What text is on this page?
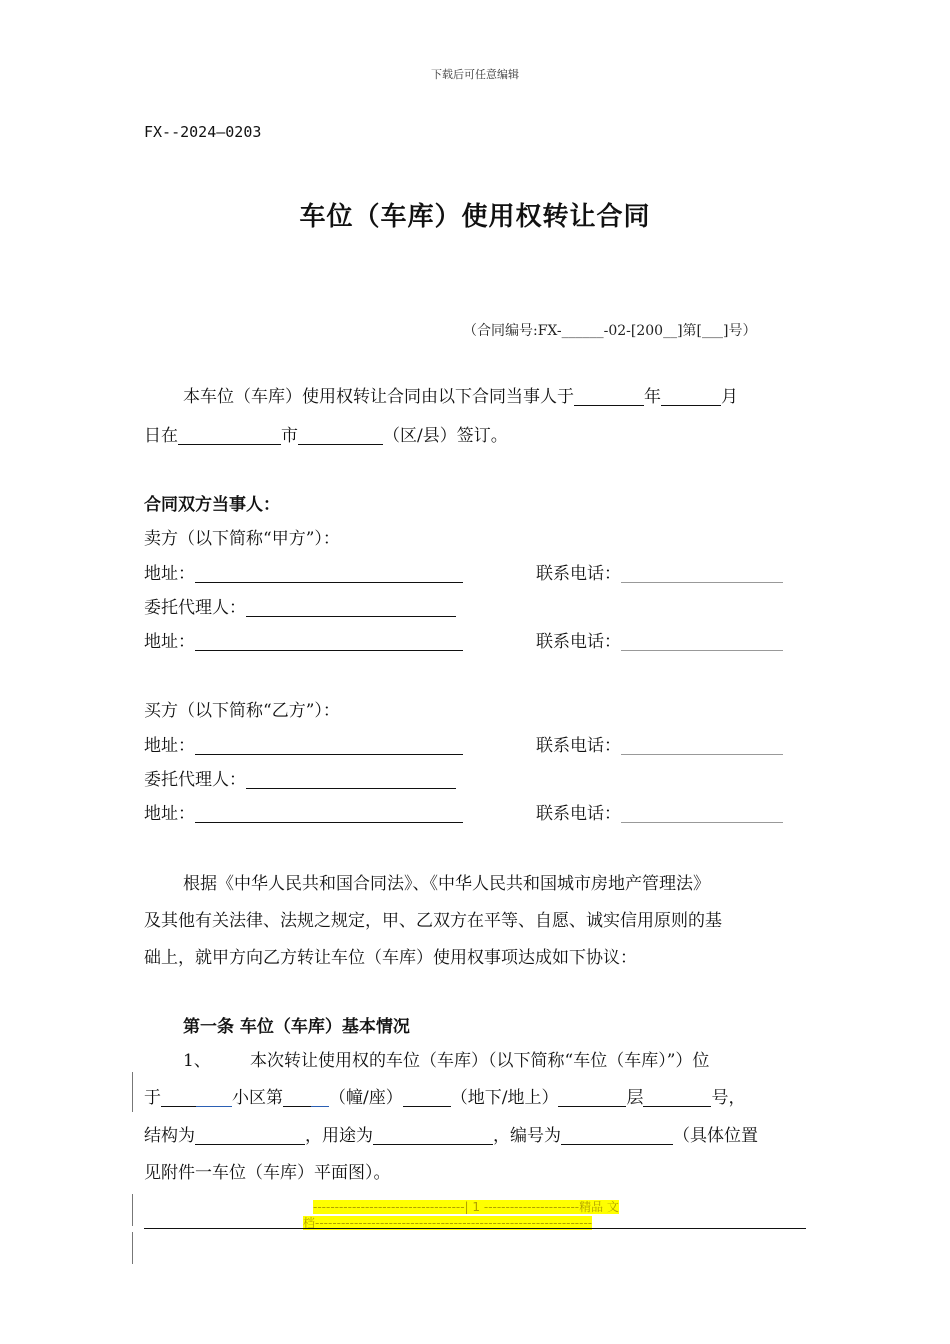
下载后可任意编辑
FX--2024—0203
车位（车库）使用权转让合同
（合同编号:FX-______-02-[200__]第[___]号）
本车位（车库）使用权转让合同由以下合同当事人于	年	月
日在	市	（区/县）签订。
合同双方当事人：
卖方（以下简称“甲方”）：
地址：	联系电话：
委托代理人：
地址：	联系电话：
买方（以下简称“乙方”）：
地址：	联系电话：
委托代理人：
地址：	联系电话：
根据《中华人民共和国合同法》、《中华人民共和国城市房地产管理法》
及其他有关法律、法规之规定，甲、乙双方在平等、自愿、诚实信用原则的基
础上，就甲方向乙方转让车位（车库）使用权事项达成如下协议：
第一条 车位（车库）基本情况
1、 本次转让使用权的车位（车库）（以下简称“车位（车库）”）位
于	小区第	（幢/座）	（地下/地上）	层	号，
结构为	，用途为	，编号为	（具体位置
见附件一车位（车库）平面图）。
-----------------------------------| 1 ----------------------精品 文
档----------------------------------------------------------------
